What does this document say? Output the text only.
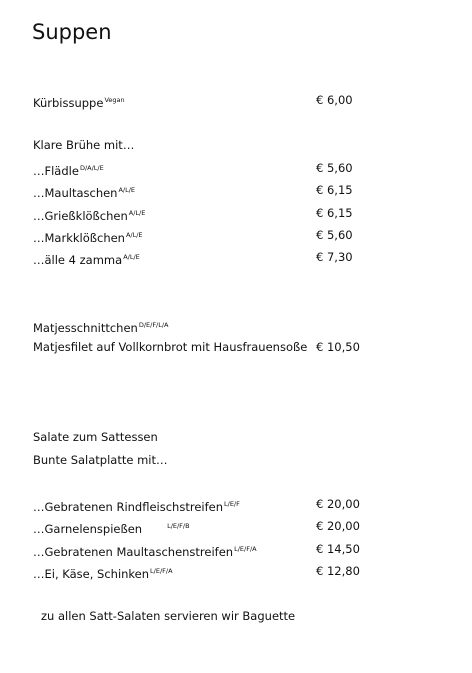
Suppen
Kürbissuppe$^{Vegan}$	€ 6,00
Klare Brühe mit…
…Flädle$^{D/A/L/E}$	€ 5,60
…Maultaschen$^{A/L/E}$	€ 6,15
…Grießklößchen$^{A/L/E}$	€ 6,15
…Markklößchen$^{A/L/E}$	€ 5,60
…älle 4 zamma$^{A/L/E}$	€ 7,30
Matjesschnittchen$^{D/E/F/L/A}$
Matjesfilet auf Vollkornbrot mit Hausfrauensoße € 10,50
Salate zum Sattessen
Bunte Salatplatte mit…
…Gebratenen Rindfleischstreifen$^{L/E/F}$	€ 20,00
…Garnelenspießen	$^{L/E/F/B}$	€ 20,00
…Gebratenen Maultaschenstreifen$^{L/E/F/A}$	€ 14,50
…Ei, Käse, Schinken$^{L/E/F/A}$	€ 12,80
zu allen Satt-Salaten servieren wir Baguette
